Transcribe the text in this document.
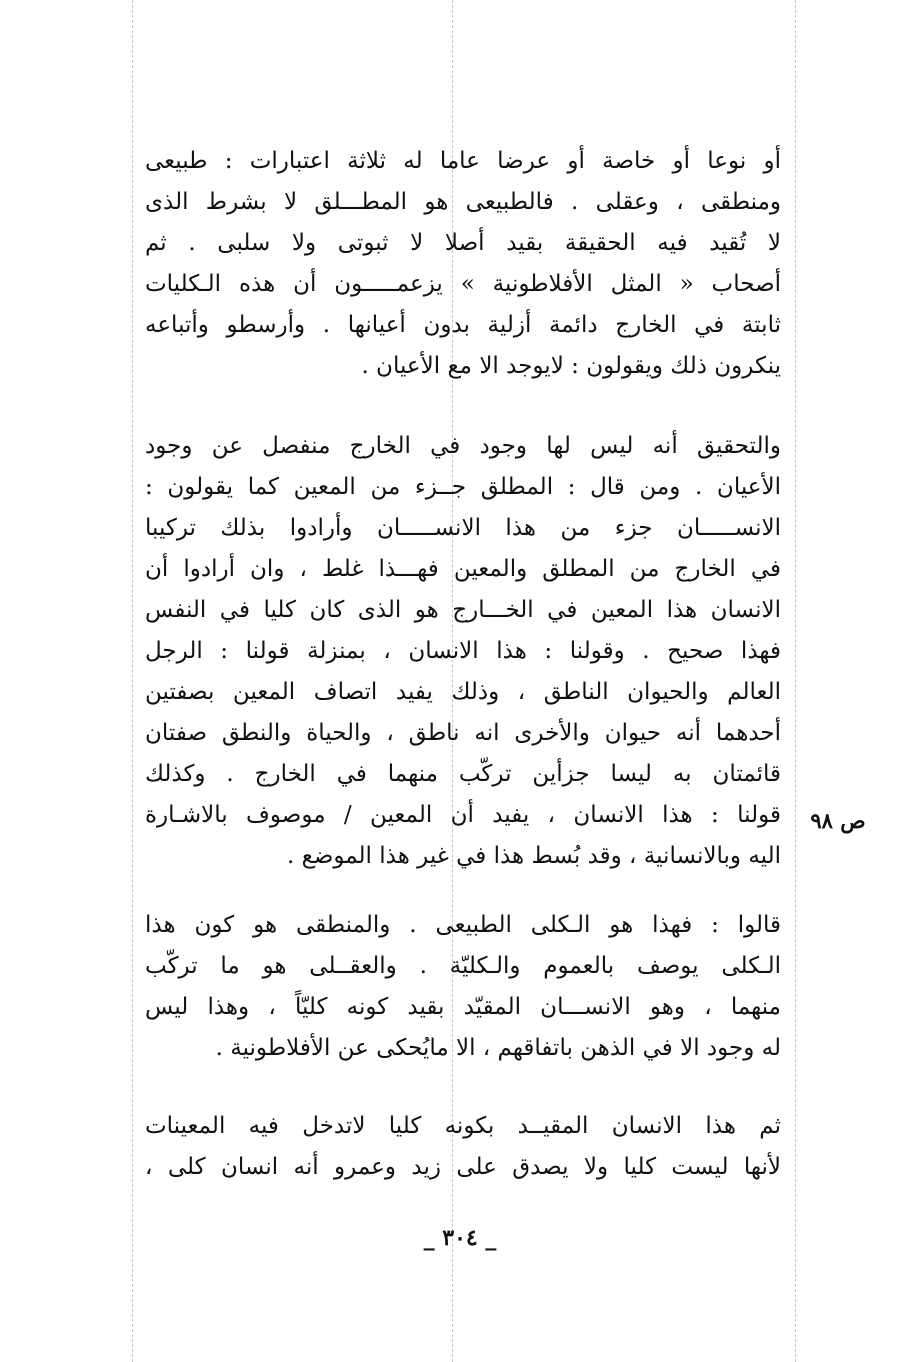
أو نوعا أو خاصة أو عرضا عاما له ثلاثة اعتبارات : طبيعى
ومنطقى ، وعقلى . فالطبيعى هو المطـــلق لا بشرط الذى
لا تُقيد فيه الحقيقة بقيد أصلا لا ثبوتى ولا سلبى . ثم
أصحاب « المثل الأفلاطونية » يزعمـــــون أن هذه الـكليات
ثابتة في الخارج دائمة أزلية بدون أعيانها . وأرسطو وأتباعه
ينكرون ذلك ويقولون : لايوجد الا مع الأعيان .
والتحقيق أنه ليس لها وجود في الخارج منفصل عن وجود
الأعيان . ومن قال : المطلق جــزء من المعين كما يقولون :
الانســـــان جزء من هذا الانســـــان وأرادوا بذلك تركيبا
في الخارج من المطلق والمعين فهـــذا غلط ، وان أرادوا أن
الانسان هذا المعين في الخـــارج هو الذى كان كليا في النفس
فهذا صحيح . وقولنا : هذا الانسان ، بمنزلة قولنا : الرجل
العالم والحيوان الناطق ، وذلك يفيد اتصاف المعين بصفتين
أحدهما أنه حيوان والأخرى انه ناطق ، والحياة والنطق صفتان
قائمتان به ليسا جزأين تركّب منهما في الخارج . وكذلك
قولنا : هذا الانسان ، يفيد أن المعين / موصوف بالاشـارة
اليه وبالانسانية ، وقد بُسط هذا في غير هذا الموضع .
ص ٩٨
قالوا : فهذا هو الـكلى الطبيعى . والمنطقى هو كون هذا
الـكلى يوصف بالعموم والـكليّة . والعقــلى هو ما تركّب
منهما ، وهو الانســـان المقيّد بقيد كونه كليّاً ، وهذا ليس
له وجود الا في الذهن باتفاقهم ، الا مايُحكى عن الأفلاطونية .
ثم هذا الانسان المقيــد بكونه كليا لاتدخل فيه المعينات
لأنها ليست كليا ولا يصدق على زيد وعمرو أنه انسان كلى ،
_ ٣٠٤ _
